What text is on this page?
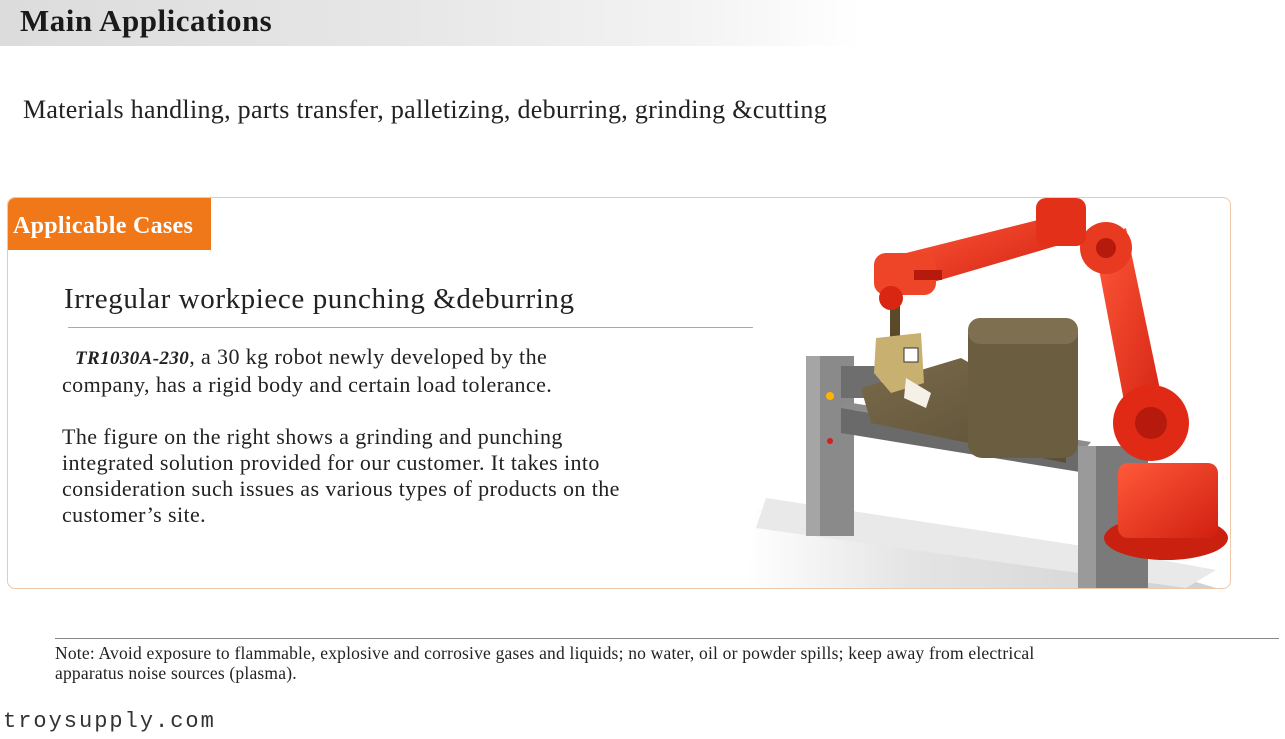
Main Applications
Materials handling, parts transfer, palletizing, deburring, grinding &cutting
Applicable Cases
Irregular workpiece punching &deburring

TR1030A-230, a 30 kg robot newly developed by the company, has a rigid body and certain load tolerance.

The figure on the right shows a grinding and punching integrated solution provided for our customer. It takes into consideration such issues as various types of products on the customer’s site.

Note: Avoid exposure to flammable, explosive and corrosive gases and liquids; no water, oil or powder spills; keep away from electrical apparatus noise sources (plasma).
troysupply.com
